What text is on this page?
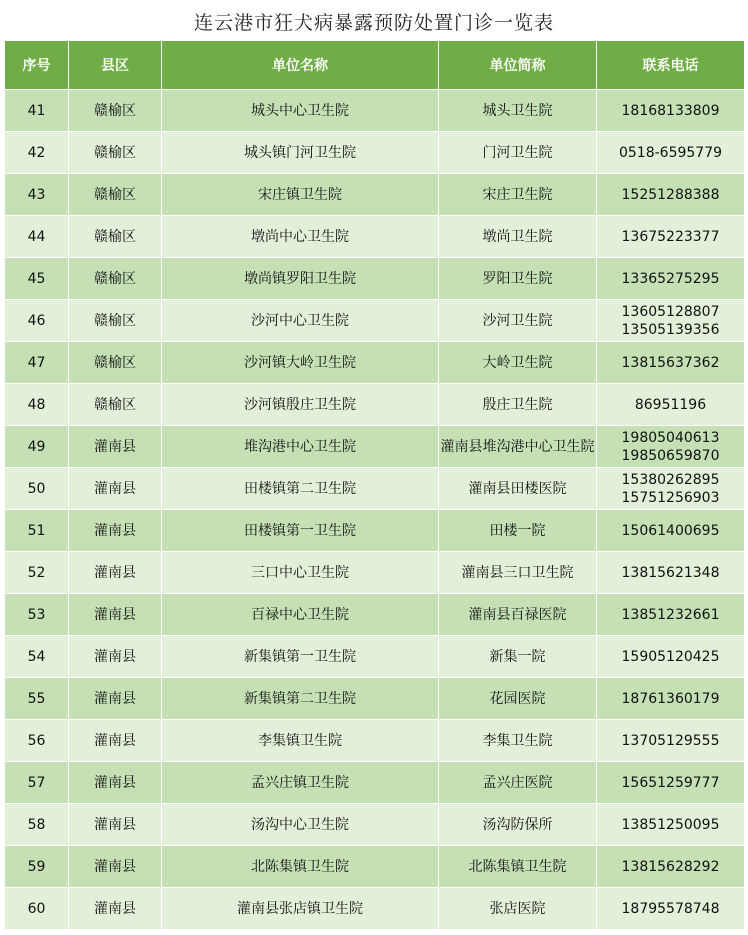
连云港市狂犬病暴露预防处置门诊一览表
序号	县区	单位名称	单位简称	联系电话
41	赣榆区	城头中心卫生院	城头卫生院	18168133809

42	赣榆区	城头镇门河卫生院	门河卫生院	0518-6595779

43	赣榆区	宋庄镇卫生院	宋庄卫生院	15251288388

44	赣榆区	墩尚中心卫生院	墩尚卫生院	13675223377

45	赣榆区	墩尚镇罗阳卫生院	罗阳卫生院	13365275295

46	赣榆区	沙河中心卫生院	沙河卫生院	13605128807
13505139356

47	赣榆区	沙河镇大岭卫生院	大岭卫生院	13815637362

48	赣榆区	沙河镇殷庄卫生院	殷庄卫生院	86951196

49	灌南县	堆沟港中心卫生院	灌南县堆沟港中心卫生院	19805040613
19850659870

50	灌南县	田楼镇第二卫生院	灌南县田楼医院	15380262895
15751256903

51	灌南县	田楼镇第一卫生院	田楼一院	15061400695

52	灌南县	三口中心卫生院	灌南县三口卫生院	13815621348

53	灌南县	百禄中心卫生院	灌南县百禄医院	13851232661

54	灌南县	新集镇第一卫生院	新集一院	15905120425

55	灌南县	新集镇第二卫生院	花园医院	18761360179

56	灌南县	李集镇卫生院	李集卫生院	13705129555

57	灌南县	孟兴庄镇卫生院	孟兴庄医院	15651259777

58	灌南县	汤沟中心卫生院	汤沟防保所	13851250095

59	灌南县	北陈集镇卫生院	北陈集镇卫生院	13815628292

60	灌南县	灌南县张店镇卫生院	张店医院	18795578748
